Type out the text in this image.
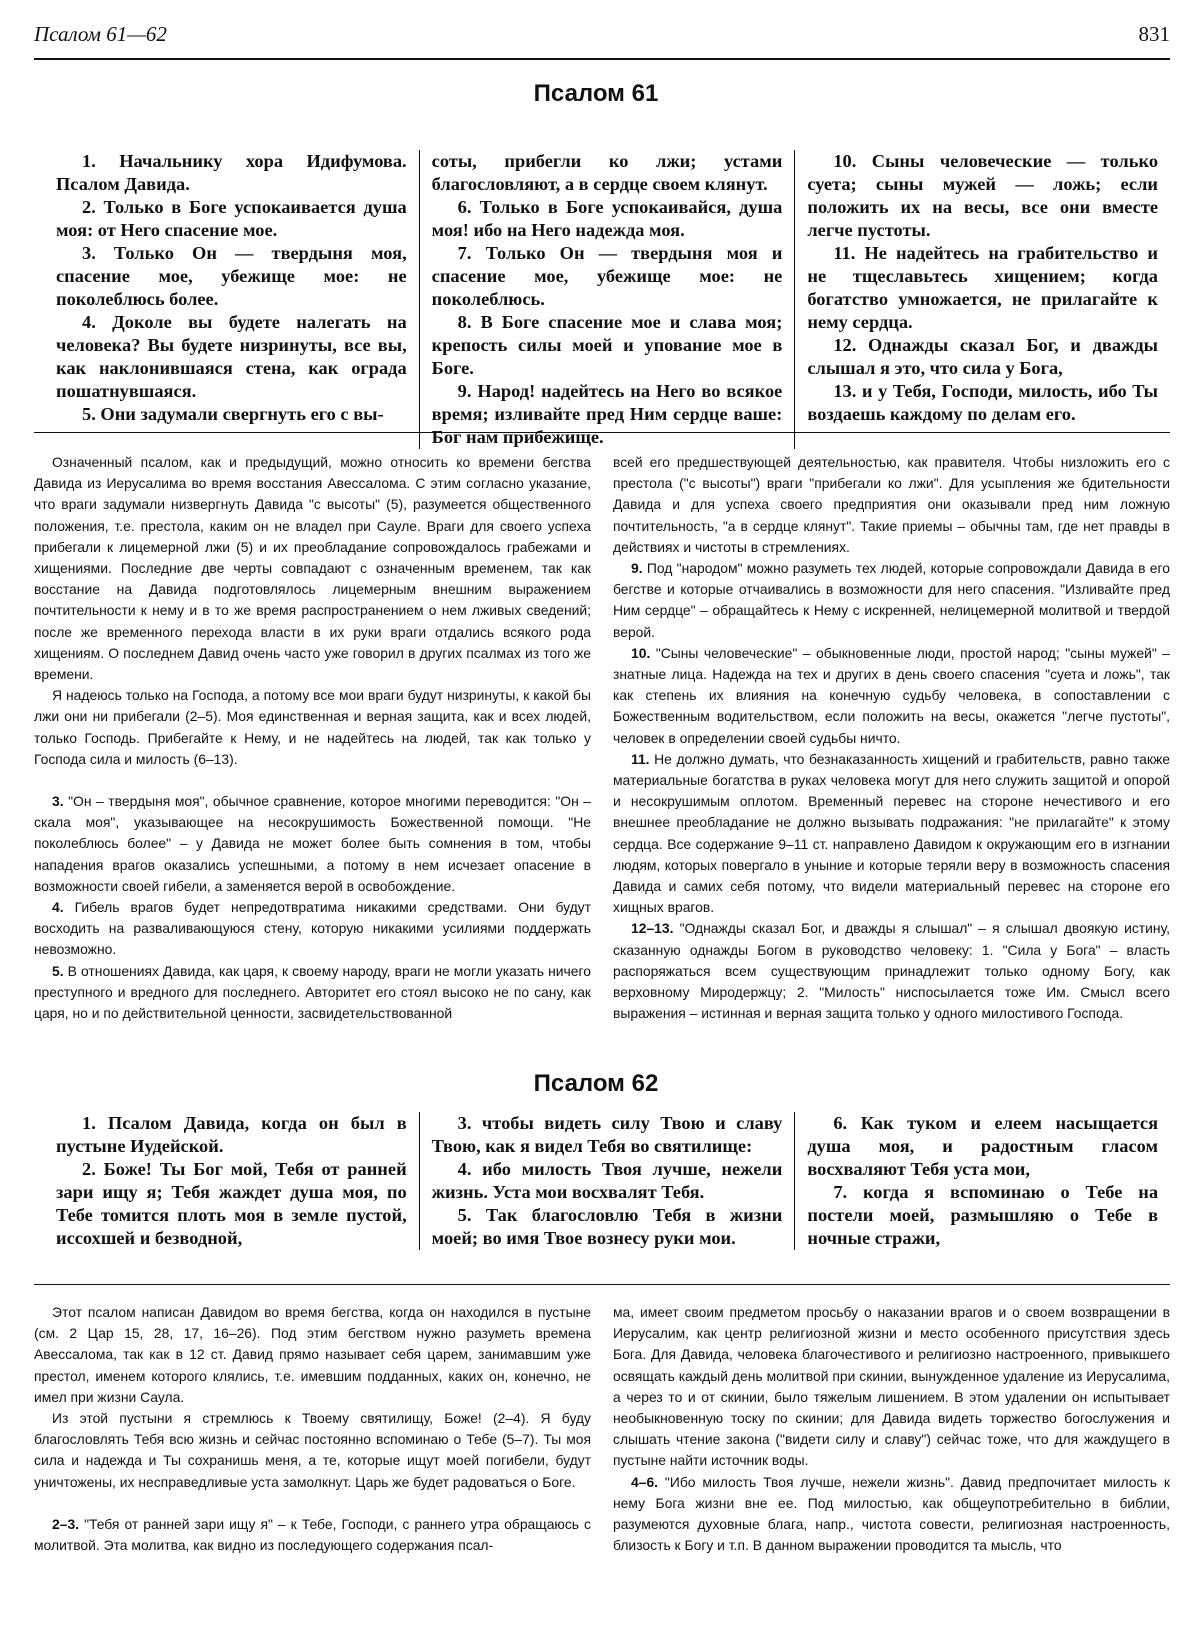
Псалом 61—62	831
Псалом 61

1. Начальнику хора Идифумова. Псалом Давида.

2. Только в Боге успокаивается душа моя: от Него спасение мое.

3. Только Он — твердыня моя, спасение мое, убежище мое: не поколеблюсь более.

4. Доколе вы будете налегать на человека? Вы будете низринуты, все вы, как наклонившаяся стена, как ограда пошатнувшаяся.

5. Они задумали свергнуть его с вы-

соты, прибегли ко лжи; устами благословляют, а в сердце своем клянут.

6. Только в Боге успокаивайся, душа моя! ибо на Него надежда моя.

7. Только Он — твердыня моя и спасение мое, убежище мое: не поколеблюсь.

8. В Боге спасение мое и слава моя; крепость силы моей и упование мое в Боге.

9. Народ! надейтесь на Него во всякое время; изливайте пред Ним сердце ваше: Бог нам прибежище.

10. Сыны человеческие — только суета; сыны мужей — ложь; если положить их на весы, все они вместе легче пустоты.

11. Не надейтесь на грабительство и не тщеславьтесь хищением; когда богатство умножается, не прилагайте к нему сердца.

12. Однажды сказал Бог, и дважды слышал я это, что сила у Бога,

13. и у Тебя, Господи, милость, ибо Ты воздаешь каждому по делам его.

Означенный псалом, как и предыдущий, можно относить ко времени бегства Давида из Иерусалима во время восстания Авессалома. С этим согласно указание, что враги задумали низвергнуть Давида "с высоты" (5), разумеется общественного положения, т.е. престола, каким он не владел при Сауле. Враги для своего успеха прибегали к лицемерной лжи (5) и их преобладание сопровождалось грабежами и хищениями. Последние две черты совпадают с означенным временем, так как восстание на Давида подготовлялось лицемерным внешним выражением почтительности к нему и в то же время распространением о нем лживых сведений; после же временного перехода власти в их руки враги отдались всякого рода хищениям. О последнем Давид очень часто уже говорил в других псалмах из того же времени.

Я надеюсь только на Господа, а потому все мои враги будут низринуты, к какой бы лжи они ни прибегали (2–5). Моя единственная и верная защита, как и всех людей, только Господь. Прибегайте к Нему, и не надейтесь на людей, так как только у Господа сила и милость (6–13).

3. "Он – твердыня моя", обычное сравнение, которое многими переводится: "Он – скала моя", указывающее на несокрушимость Божественной помощи. "Не поколеблюсь более" – у Давида не может более быть сомнения в том, чтобы нападения врагов оказались успешными, а потому в нем исчезает опасение в возможности своей гибели, а заменяется верой в освобождение.

4. Гибель врагов будет непредотвратима никакими средствами. Они будут восходить на разваливающуюся стену, которую никакими усилиями поддержать невозможно.

5. В отношениях Давида, как царя, к своему народу, враги не могли указать ничего преступного и вредного для последнего. Авторитет его стоял высоко не по сану, как царя, но и по действительной ценности, засвидетельствованной

всей его предшествующей деятельностью, как правителя. Чтобы низложить его с престола ("с высоты") враги "прибегали ко лжи". Для усыпления же бдительности Давида и для успеха своего предприятия они оказывали пред ним ложную почтительность, "а в сердце клянут". Такие приемы – обычны там, где нет правды в действиях и чистоты в стремлениях.

9. Под "народом" можно разуметь тех людей, которые сопровождали Давида в его бегстве и которые отчаивались в возможности для него спасения. "Изливайте пред Ним сердце" – обращайтесь к Нему с искренней, нелицемерной молитвой и твердой верой.

10. "Сыны человеческие" – обыкновенные люди, простой народ; "сыны мужей" – знатные лица. Надежда на тех и других в день своего спасения "суета и ложь", так как степень их влияния на конечную судьбу человека, в сопоставлении с Божественным водительством, если положить на весы, окажется "легче пустоты", человек в определении своей судьбы ничто.

11. Не должно думать, что безнаказанность хищений и грабительств, равно также материальные богатства в руках человека могут для него служить защитой и опорой и несокрушимым оплотом. Временный перевес на стороне нечестивого и его внешнее преобладание не должно вызывать подражания: "не прилагайте" к этому сердца. Все содержание 9–11 ст. направлено Давидом к окружающим его в изгнании людям, которых повергало в уныние и которые теряли веру в возможность спасения Давида и самих себя потому, что видели материальный перевес на стороне его хищных врагов.

12–13. "Однажды сказал Бог, и дважды я слышал" – я слышал двоякую истину, сказанную однажды Богом в руководство человеку: 1. "Сила у Бога" – власть распоряжаться всем существующим принадлежит только одному Богу, как верховному Миродержцу; 2. "Милость" ниспосылается тоже Им. Смысл всего выражения – истинная и верная защита только у одного милостивого Господа.

Псалом 62

1. Псалом Давида, когда он был в пустыне Иудейской.

2. Боже! Ты Бог мой, Тебя от ранней зари ищу я; Тебя жаждет душа моя, по Тебе томится плоть моя в земле пустой, иссохшей и безводной,

3. чтобы видеть силу Твою и славу Твою, как я видел Тебя во святилище:

4. ибо милость Твоя лучше, нежели жизнь. Уста мои восхвалят Тебя.

5. Так благословлю Тебя в жизни моей; во имя Твое вознесу руки мои.

6. Как туком и елеем насыщается душа моя, и радостным гласом восхваляют Тебя уста мои,

7. когда я вспоминаю о Тебе на постели моей, размышляю о Тебе в ночные стражи,

Этот псалом написан Давидом во время бегства, когда он находился в пустыне (см. 2 Цар 15, 28, 17, 16–26). Под этим бегством нужно разуметь времена Авессалома, так как в 12 ст. Давид прямо называет себя царем, занимавшим уже престол, именем которого клялись, т.е. имевшим подданных, каких он, конечно, не имел при жизни Саула.

Из этой пустыни я стремлюсь к Твоему святилищу, Боже! (2–4). Я буду благословлять Тебя всю жизнь и сейчас постоянно вспоминаю о Тебе (5–7). Ты моя сила и надежда и Ты сохранишь меня, а те, которые ищут моей погибели, будут уничтожены, их несправедливые уста замолкнут. Царь же будет радоваться о Боге.

2–3. "Тебя от ранней зари ищу я" – к Тебе, Господи, с раннего утра обращаюсь с молитвой. Эта молитва, как видно из последующего содержания псал-

ма, имеет своим предметом просьбу о наказании врагов и о своем возвращении в Иерусалим, как центр религиозной жизни и место особенного присутствия здесь Бога. Для Давида, человека благочестивого и религиозно настроенного, привыкшего освящать каждый день молитвой при скинии, вынужденное удаление из Иерусалима, а через то и от скинии, было тяжелым лишением. В этом удалении он испытывает необыкновенную тоску по скинии; для Давида видеть торжество богослужения и слышать чтение закона ("видети силу и славу") сейчас тоже, что для жаждущего в пустыне найти источник воды.

4–6. "Ибо милость Твоя лучше, нежели жизнь". Давид предпочитает милость к нему Бога жизни вне ее. Под милостью, как общеупотребительно в библии, разумеются духовные блага, напр., чистота совести, религиозная настроенность, близость к Богу и т.п. В данном выражении проводится та мысль, что
